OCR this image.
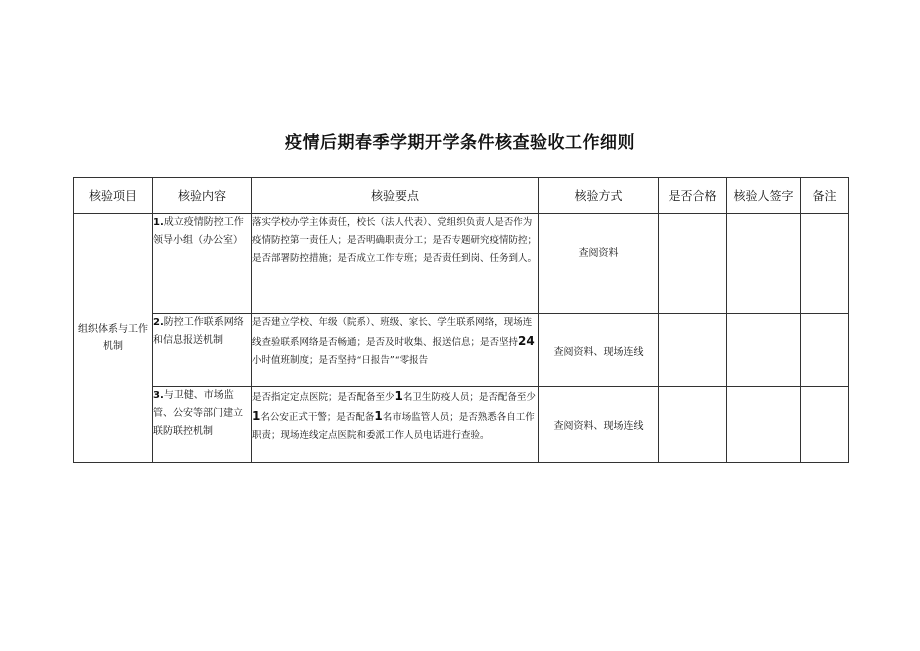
疫情后期春季学期开学条件核查验收工作细则
核验项目	核验内容	核验要点	核验方式	是否合格	核验人签字	备注
组织体系与工作机制	1.成立疫情防控工作领导小组（办公室）	落实学校办学主体责任，校长（法人代表）、党组织负责人是否作为疫情防控第一责任人；是否明确职责分工；是否专题研究疫情防控；是否部署防控措施；是否成立工作专班；是否责任到岗、任务到人。	查阅资料			
	2.防控工作联系网络和信息报送机制	是否建立学校、年级（院系）、班级、家长、学生联系网络，现场连线查验联系网络是否畅通；是否及时收集、报送信息；是否坚持24小时值班制度；是否坚持“日报告”“零报告	查阅资料、现场连线			
	3.与卫健、市场监管、公安等部门建立联防联控机制	是否指定定点医院；是否配备至少1名卫生防疫人员；是否配备至少1名公安正式干警；是否配备1名市场监管人员；是否熟悉各自工作职责；现场连线定点医院和委派工作人员电话进行查验。	查阅资料、现场连线			
